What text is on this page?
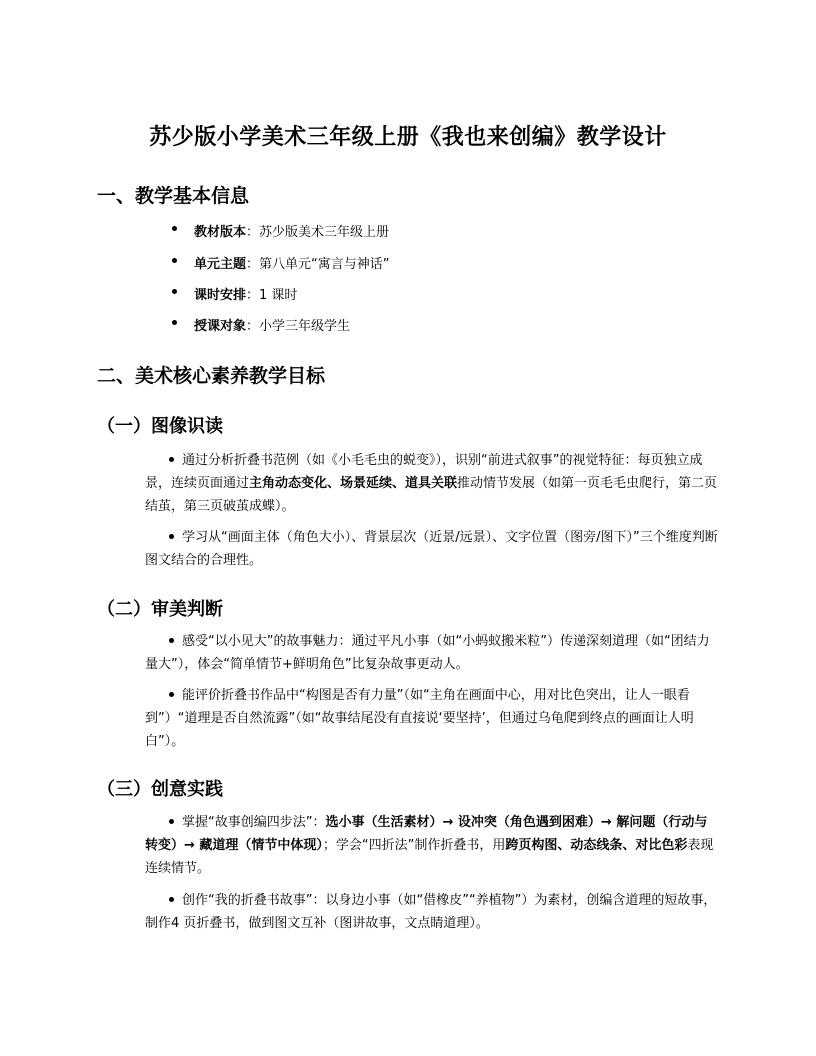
苏少版小学美术三年级上册《我也来创编》教学设计
一、教学基本信息
教材版本：苏少版美术三年级上册
单元主题：第八单元“寓言与神话”
课时安排：1 课时
授课对象：小学三年级学生
二、美术核心素养教学目标
（一）图像识读
通过分析折叠书范例（如《小毛毛虫的蜕变》），识别“前进式叙事”的视觉特征：每页独立成景，连续页面通过主角动态变化、场景延续、道具关联推动情节发展（如第一页毛毛虫爬行，第二页结茧，第三页破茧成蝶）。
学习从“画面主体（角色大小）、背景层次（近景/远景）、文字位置（图旁/图下）”三个维度判断图文结合的合理性。
（二）审美判断
感受“以小见大”的故事魅力：通过平凡小事（如“小蚂蚁搬米粒”）传递深刻道理（如“团结力量大”），体会“简单情节+鲜明角色”比复杂故事更动人。
能评价折叠书作品中“构图是否有力量”（如“主角在画面中心，用对比色突出，让人一眼看到”）“道理是否自然流露”（如“故事结尾没有直接说‘要坚持’，但通过乌龟爬到终点的画面让人明白”）。
（三）创意实践
掌握“故事创编四步法”：选小事（生活素材）→ 设冲突（角色遇到困难）→ 解问题（行动与转变）→ 藏道理（情节中体现）；学会“四折法”制作折叠书，用跨页构图、动态线条、对比色彩表现连续情节。
创作“我的折叠书故事”：以身边小事（如“借橡皮”“养植物”）为素材，创编含道理的短故事，制作4 页折叠书，做到图文互补（图讲故事，文点睛道理）。
